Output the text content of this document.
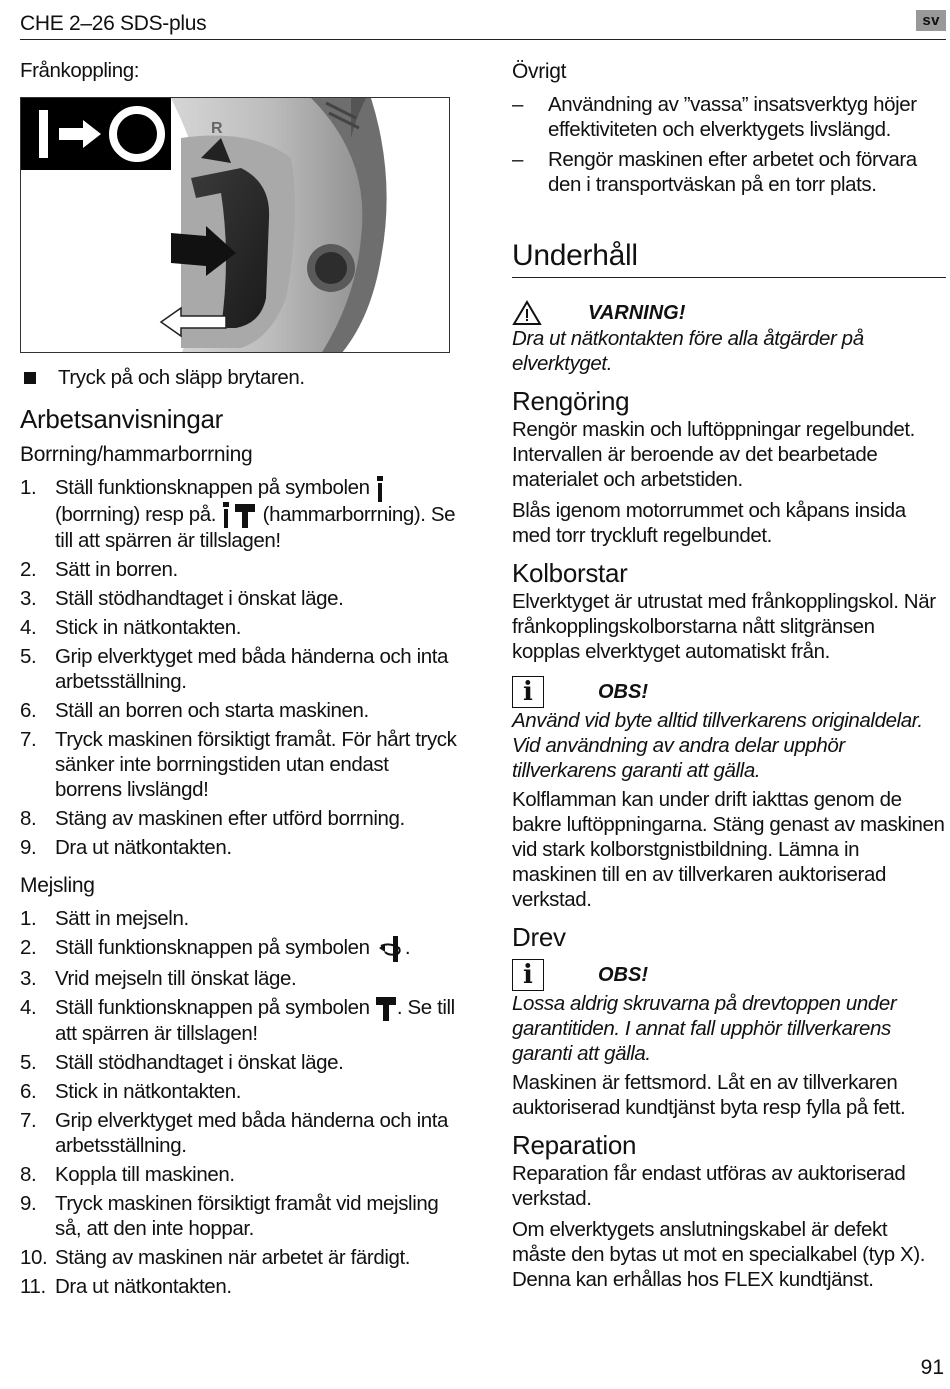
CHE 2–26 SDS-plus	sv

Frånkoppling:

R

Tryck på och släpp brytaren.

Arbetsanvisningar
Borrning/hammarborrning
1. Ställ funktionsknappen på symbolen
(borrning) resp på.  (hammarborrning). Se till att spärren är tillslagen!
2. Sätt in borren.
3. Ställ stödhandtaget i önskat läge.
4. Stick in nätkontakten.
5. Grip elverktyget med båda händerna och inta arbetsställning.
6. Ställ an borren och starta maskinen.
7. Tryck maskinen försiktigt framåt. För hårt tryck sänker inte borrningstiden utan endast borrens livslängd!
8. Stäng av maskinen efter utförd borrning.
9. Dra ut nätkontakten.
Mejsling
1. Sätt in mejseln.
2. Ställ funktionsknappen på symbolen .
3. Vrid mejseln till önskat läge.
4. Ställ funktionsknappen på symbolen . Se till att spärren är tillslagen!
5. Ställ stödhandtaget i önskat läge.
6. Stick in nätkontakten.
7. Grip elverktyget med båda händerna och inta arbetsställning.
8. Koppla till maskinen.
9. Tryck maskinen försiktigt framåt vid mejsling så, att den inte hoppar.
10. Stäng av maskinen när arbetet är färdigt.
11. Dra ut nätkontakten.
Övrigt
–	Användning av ”vassa” insatsverktyg höjer effektiviteten och elverktygets livslängd.

–	Rengör maskinen efter arbetet och förvara den i transportväskan på en torr plats.

Underhåll
VARNING!

Dra ut nätkontakten före alla åtgärder på elverktyget.

Rengöring

Rengör maskin och luftöppningar regelbundet. Intervallen är beroende av det bearbetade materialet och arbetstiden.

Blås igenom motorrummet och kåpans insida med torr tryckluft regelbundet.

Kolborstar

Elverktyget är utrustat med frånkopplingskol. När frånkopplingskolborstarna nått slitgränsen kopplas elverktyget automatiskt från.

i	OBS!

Använd vid byte alltid tillverkarens originaldelar. Vid användning av andra delar upphör tillverkarens garanti att gälla.

Kolflamman kan under drift iakttas genom de bakre luftöppningarna. Stäng genast av maskinen vid stark kolborstgnistbildning. Lämna in maskinen till en av tillverkaren auktoriserad verkstad.

Drev
i	OBS!

Lossa aldrig skruvarna på drevtoppen under garantitiden. I annat fall upphör tillverkarens garanti att gälla.

Maskinen är fettsmord. Låt en av tillverkaren auktoriserad kundtjänst byta resp fylla på fett.

Reparation

Reparation får endast utföras av auktoriserad verkstad.

Om elverktygets anslutningskabel är defekt måste den bytas ut mot en specialkabel (typ X). Denna kan erhållas hos FLEX kundtjänst.

91
